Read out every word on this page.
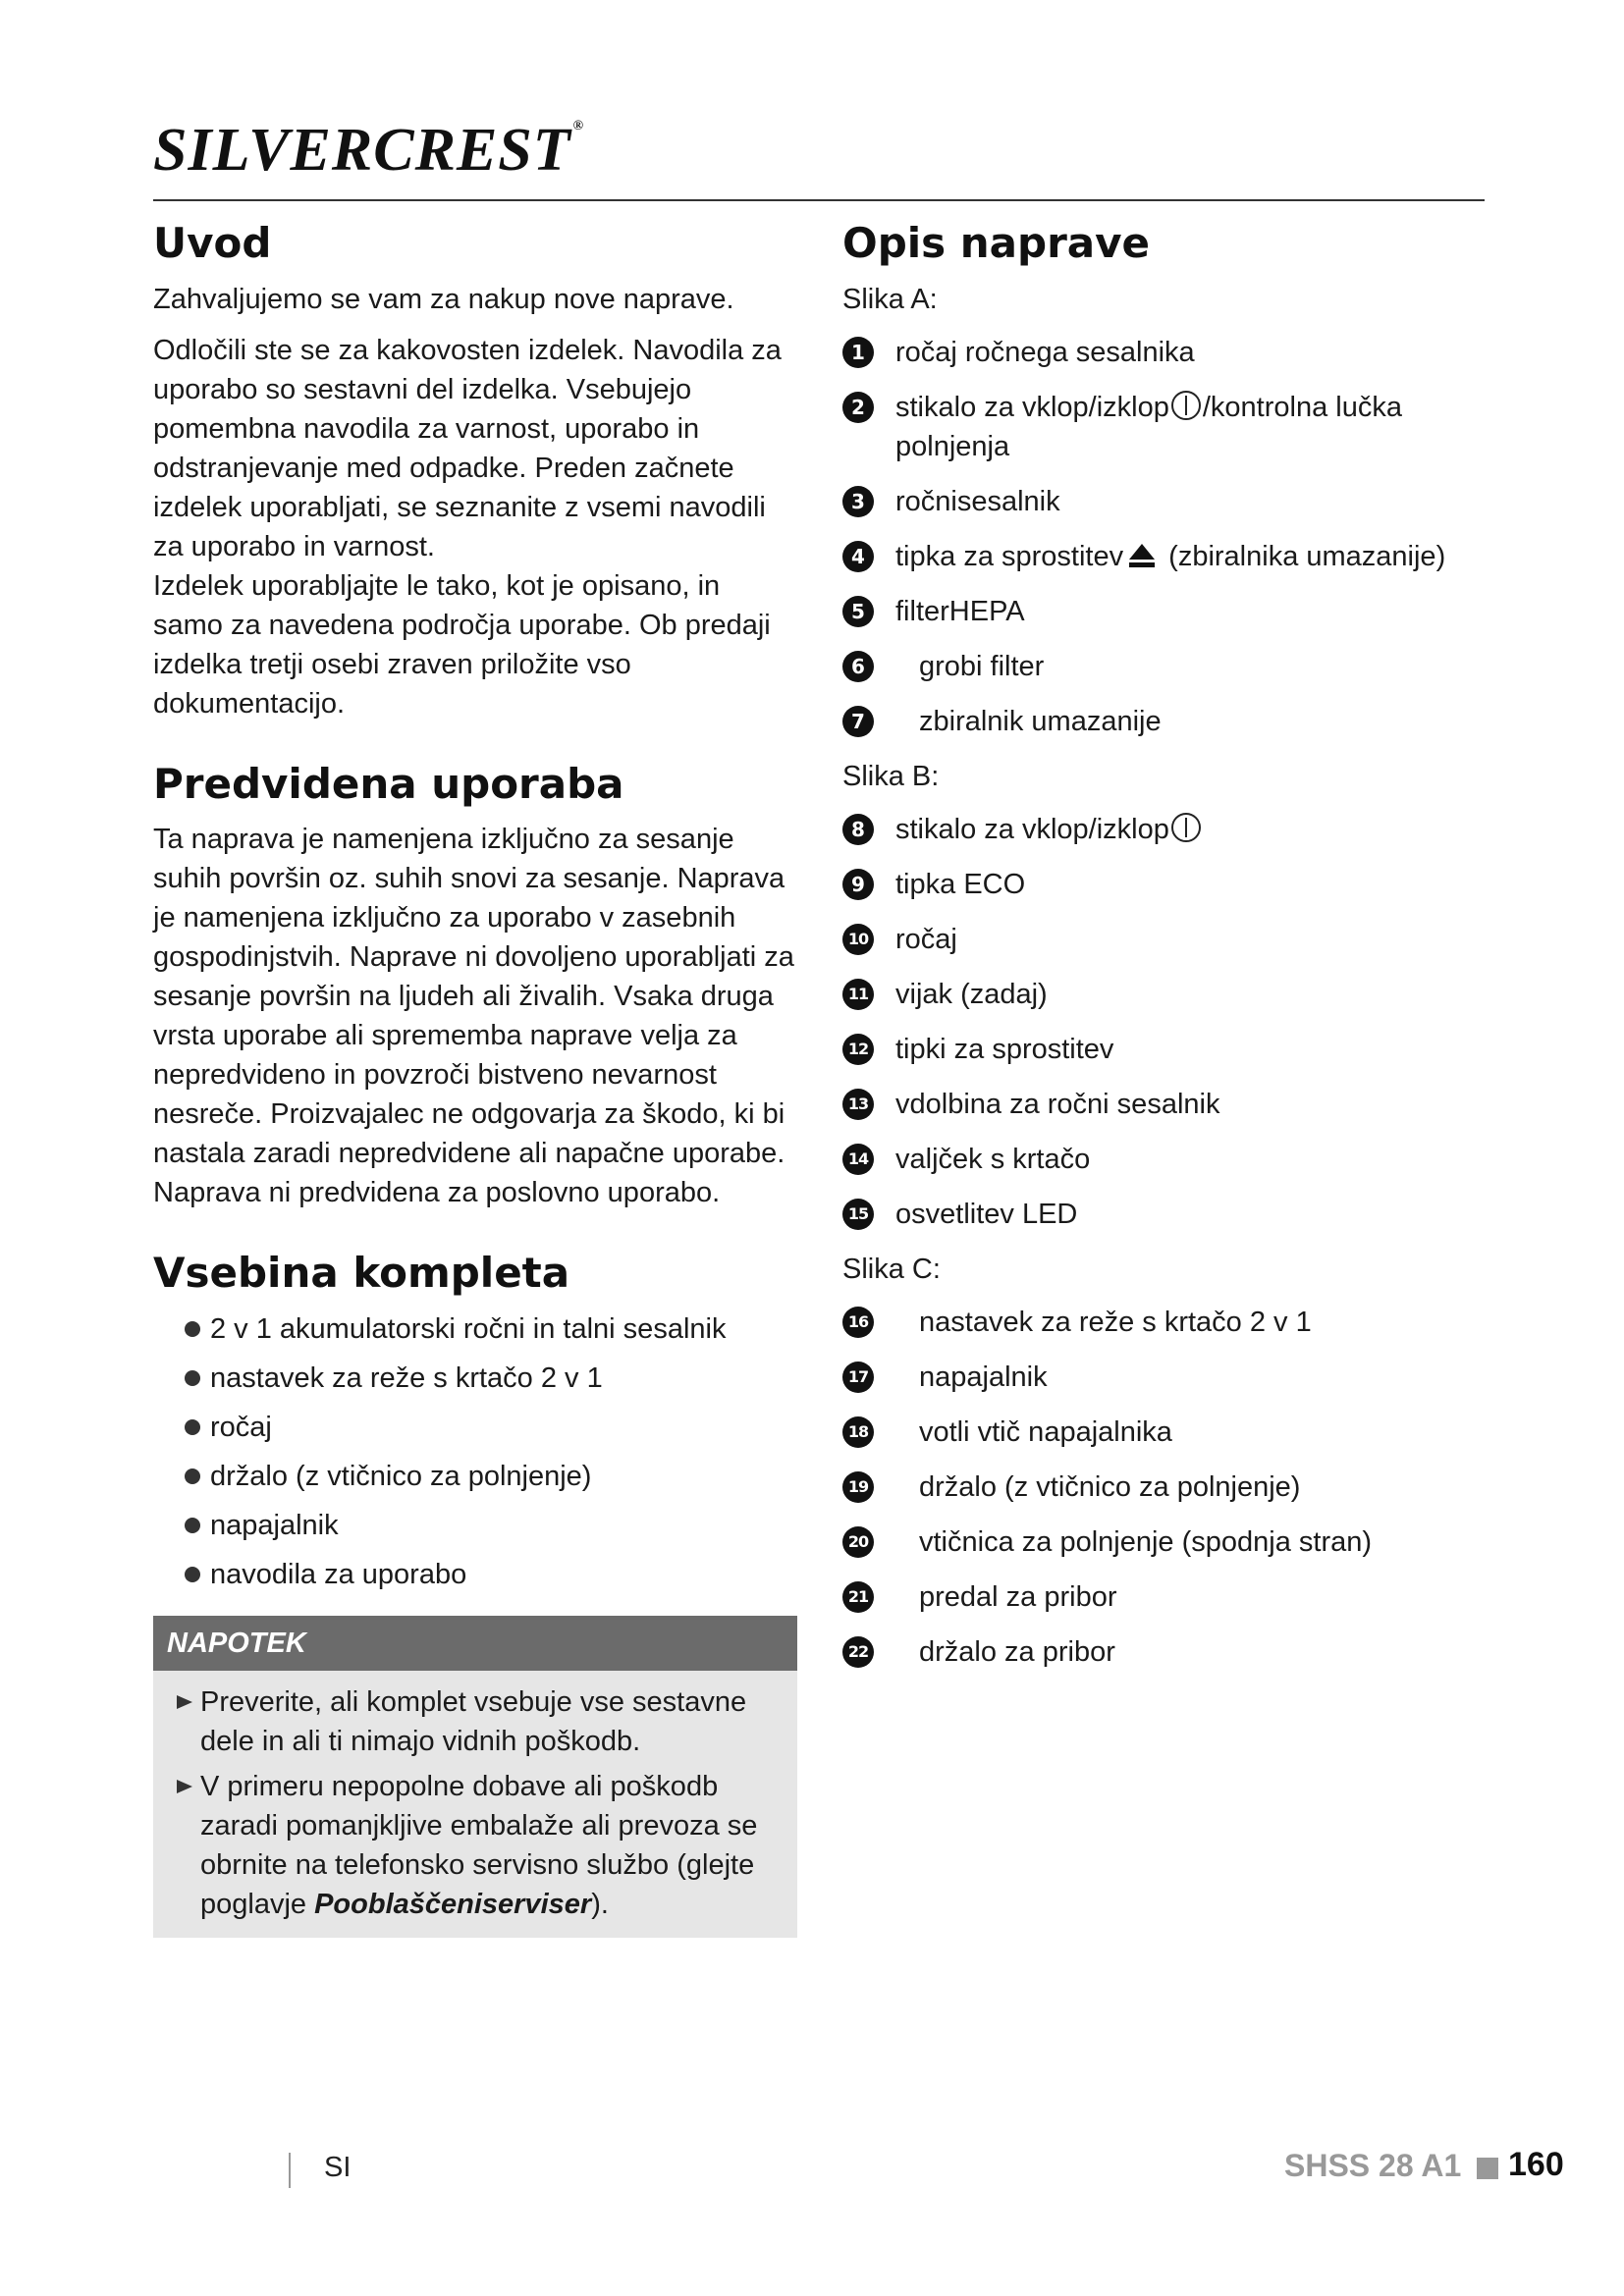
SILVERCREST ®
Uvod

Zahvaljujemo se vam za nakup nove naprave.

Odločili ste se za kakovosten izdelek. Navodila za uporabo so sestavni del izdelka. Vsebujejo pomembna navodila za varnost, uporabo in odstranjevanje med odpadke. Preden začnete izdelek uporabljati, se seznanite z vsemi navodili za uporabo in varnost.

Izdelek uporabljajte le tako, kot je opisano, in samo za navedena področja uporabe. Ob predaji izdelka tretji osebi zraven priložite vso dokumentacijo.

Predvidena uporaba

Ta naprava je namenjena izključno za sesanje suhih površin oz. suhih snovi za sesanje. Naprava je namenjena izključno za uporabo v zasebnih gospodinjstvih. Naprave ni dovoljeno uporabljati za sesanje površin na ljudeh ali živalih. Vsaka druga vrsta uporabe ali sprememba naprave velja za nepredvideno in povzroči bistveno nevarnost nesreče. Proizvajalec ne odgovarja za škodo, ki bi nastala zaradi nepredvidene ali napačne uporabe. Naprava ni predvidena za poslovno uporabo.

Vsebina kompleta
2 v 1 akumulatorski ročni in talni sesalnik
nastavek za reže s krtačo 2 v 1
ročaj
držalo (z vtičnico za polnjenje)
napajalnik
navodila za uporabo
NAPOTEK

Preverite, ali komplet vsebuje vse sestavne dele in ali ti nimajo vidnih poškodb.

V primeru nepopolne dobave ali poškodb zaradi pomanjkljive embalaže ali prevoza se obrnite na telefonsko servisno službo (glejte poglavje Pooblaščeniserviser).

Opis naprave

Slika A:

1	ročaj ročnega sesalnika
2	stikalo za vklop/izklop /kontrolna lučka polnjenja
3	ročnisesalnik
4	tipka za sprostitev (zbiralnika umazanije)
5	filterHEPA
6	grobi filter
7	zbiralnik umazanije

Slika B:

8	stikalo za vklop/izklop
9	tipka ECO
10 ročaj
11 vijak (zadaj)
12 tipki za sprostitev
13 vdolbina za ročni sesalnik
14 valjček s krtačo
15 osvetlitev LED

Slika C:

16	nastavek za reže s krtačo 2 v 1
17	napajalnik
18	votli vtič napajalnika
19	držalo (z vtičnico za polnjenje)
20	vtičnica za polnjenje (spodnja stran)
21	predal za pribor
22	držalo za pribor
SI	SHSS 28 A1 160
